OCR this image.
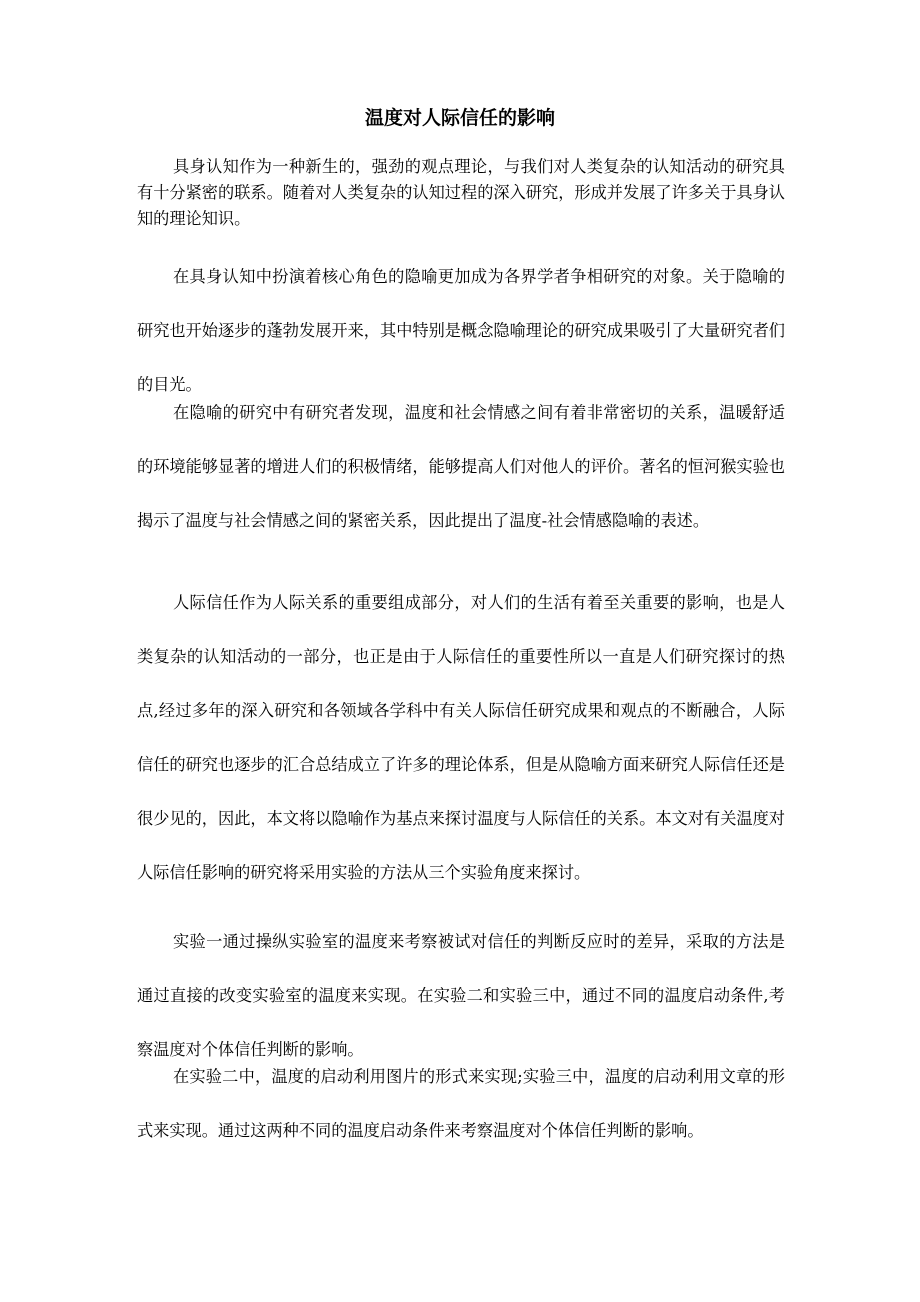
温度对人际信任的影响

具身认知作为一种新生的，强劲的观点理论，与我们对人类复杂的认知活动的研究具有十分紧密的联系。随着对人类复杂的认知过程的深入研究，形成并发展了许多关于具身认知的理论知识。

在具身认知中扮演着核心角色的隐喻更加成为各界学者争相研究的对象。关于隐喻的研究也开始逐步的蓬勃发展开来，其中特别是概念隐喻理论的研究成果吸引了大量研究者们的目光。

在隐喻的研究中有研究者发现，温度和社会情感之间有着非常密切的关系，温暖舒适的环境能够显著的增进人们的积极情绪，能够提高人们对他人的评价。著名的恒河猴实验也揭示了温度与社会情感之间的紧密关系，因此提出了温度-社会情感隐喻的表述。

人际信任作为人际关系的重要组成部分，对人们的生活有着至关重要的影响，也是人类复杂的认知活动的一部分，也正是由于人际信任的重要性所以一直是人们研究探讨的热点,经过多年的深入研究和各领域各学科中有关人际信任研究成果和观点的不断融合，人际信任的研究也逐步的汇合总结成立了许多的理论体系，但是从隐喻方面来研究人际信任还是很少见的，因此，本文将以隐喻作为基点来探讨温度与人际信任的关系。本文对有关温度对人际信任影响的研究将采用实验的方法从三个实验角度来探讨。

实验一通过操纵实验室的温度来考察被试对信任的判断反应时的差异，采取的方法是通过直接的改变实验室的温度来实现。在实验二和实验三中，通过不同的温度启动条件,考察温度对个体信任判断的影响。

在实验二中，温度的启动利用图片的形式来实现;实验三中，温度的启动利用文章的形式来实现。通过这两种不同的温度启动条件来考察温度对个体信任判断的影响。
